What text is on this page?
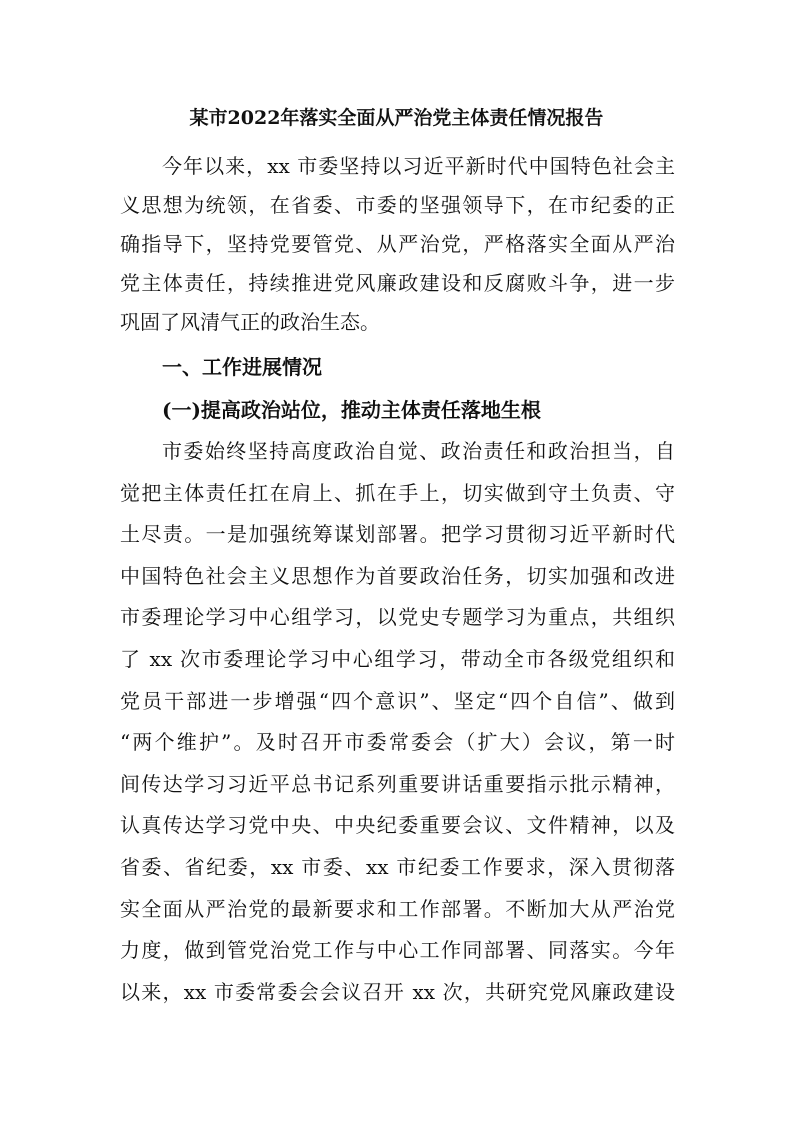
某市2022年落实全面从严治党主体责任情况报告
今年以来，xx 市委坚持以习近平新时代中国特色社会主
义思想为统领，在省委、市委的坚强领导下，在市纪委的正
确指导下，坚持党要管党、从严治党，严格落实全面从严治
党主体责任，持续推进党风廉政建设和反腐败斗争，进一步
巩固了风清气正的政治生态。
一、工作进展情况
(一)提高政治站位，推动主体责任落地生根
市委始终坚持高度政治自觉、政治责任和政治担当，自
觉把主体责任扛在肩上、抓在手上，切实做到守土负责、守
土尽责。一是加强统筹谋划部署。把学习贯彻习近平新时代
中国特色社会主义思想作为首要政治任务，切实加强和改进
市委理论学习中心组学习，以党史专题学习为重点，共组织
了 xx 次市委理论学习中心组学习，带动全市各级党组织和
党员干部进一步增强“四个意识”、坚定“四个自信”、做到
“两个维护”。及时召开市委常委会（扩大）会议，第一时
间传达学习习近平总书记系列重要讲话重要指示批示精神，
认真传达学习党中央、中央纪委重要会议、文件精神，以及
省委、省纪委，xx 市委、xx 市纪委工作要求，深入贯彻落
实全面从严治党的最新要求和工作部署。不断加大从严治党
力度，做到管党治党工作与中心工作同部署、同落实。今年
以来，xx 市委常委会会议召开 xx 次，共研究党风廉政建设
